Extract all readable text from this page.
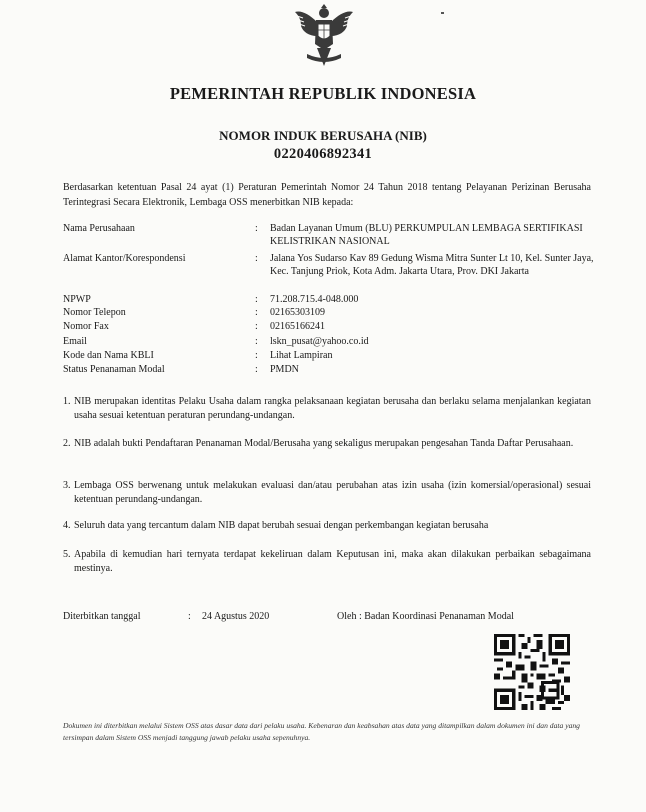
PEMERINTAH REPUBLIK INDONESIA
NOMOR INDUK BERUSAHA (NIB)
0220406892341
Berdasarkan ketentuan Pasal 24 ayat (1) Peraturan Pemerintah Nomor 24 Tahun 2018 tentang Pelayanan Perizinan Berusaha Terintegrasi Secara Elektronik, Lembaga OSS menerbitkan NIB kepada:
Nama Perusahaan	: Badan Layanan Umum (BLU) PERKUMPULAN LEMBAGA SERTIFIKASI KELISTRIKAN NASIONAL
Alamat Kantor/Korespondensi	: Jalana Yos Sudarso Kav 89 Gedung Wisma Mitra Sunter Lt 10, Kel. Sunter Jaya, Kec. Tanjung Priok, Kota Adm. Jakarta Utara, Prov. DKI Jakarta
NPWP	: 71.208.715.4-048.000
Nomor Telepon	: 02165303109
Nomor Fax	: 02165166241
Email	: lskn_pusat@yahoo.co.id
Kode dan Nama KBLI	: Lihat Lampiran
Status Penanaman Modal	: PMDN
1. NIB merupakan identitas Pelaku Usaha dalam rangka pelaksanaan kegiatan berusaha dan berlaku selama menjalankan kegiatan usaha sesuai ketentuan peraturan perundang-undangan.
2. NIB adalah bukti Pendaftaran Penanaman Modal/Berusaha yang sekaligus merupakan pengesahan Tanda Daftar Perusahaan.
3. Lembaga OSS berwenang untuk melakukan evaluasi dan/atau perubahan atas izin usaha (izin komersial/operasional) sesuai ketentuan perundang-undangan.
4. Seluruh data yang tercantum dalam NIB dapat berubah sesuai dengan perkembangan kegiatan berusaha
5. Apabila di kemudian hari ternyata terdapat kekeliruan dalam Keputusan ini, maka akan dilakukan perbaikan sebagaimana mestinya.
Diterbitkan tanggal	: 24 Agustus 2020	Oleh : Badan Koordinasi Penanaman Modal
Dokumen ini diterbitkan melalui Sistem OSS atas dasar data dari pelaku usaha. Kebenaran dan keabsahan atas data yang ditampilkan dalam dokumen ini dan data yang tersimpan dalam Sistem OSS menjadi tanggung jawab pelaku usaha sepenuhnya.
